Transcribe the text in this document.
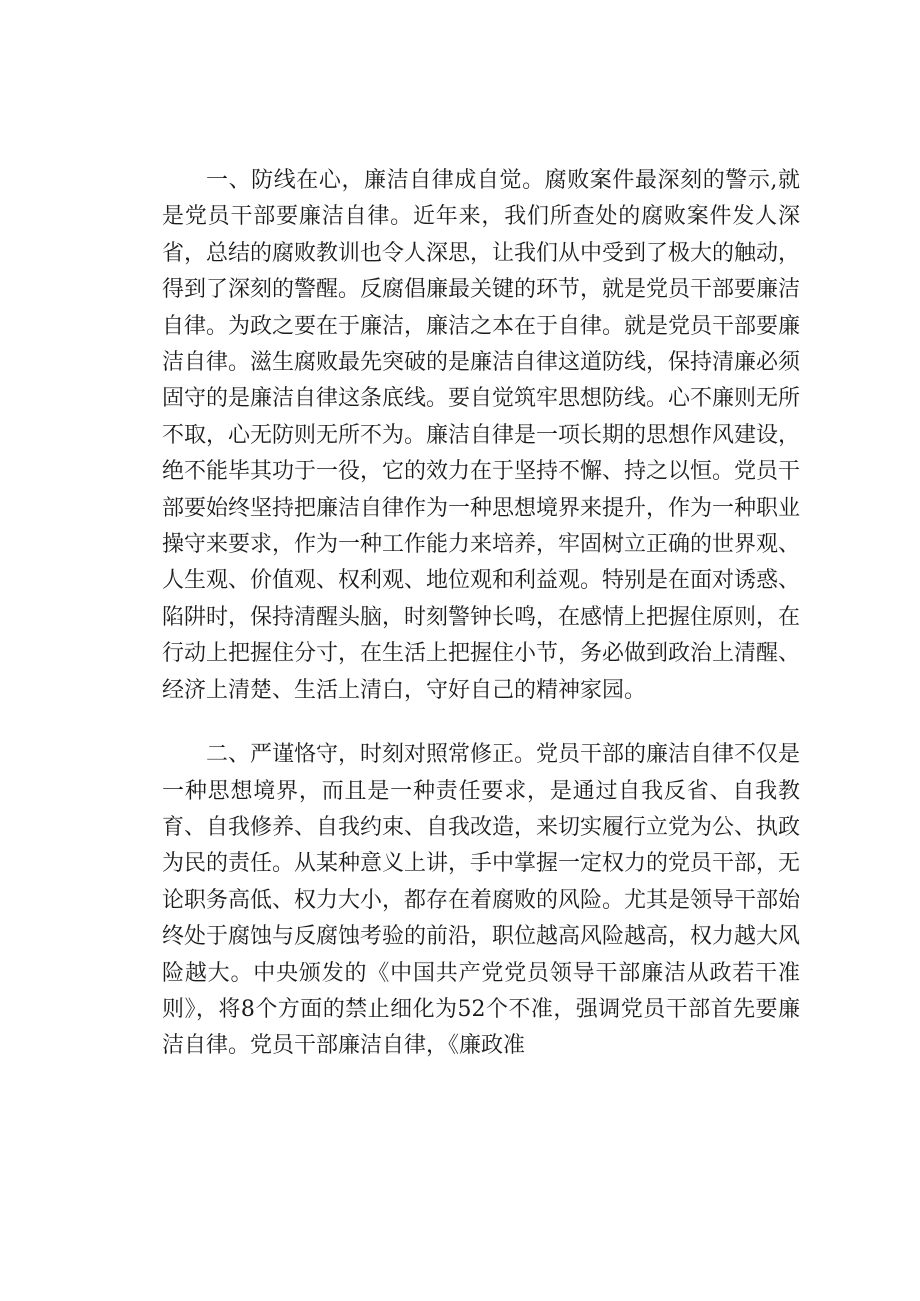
一、防线在心，廉洁自律成自觉。腐败案件最深刻的警示,就是党员干部要廉洁自律。近年来，我们所查处的腐败案件发人深省，总结的腐败教训也令人深思，让我们从中受到了极大的触动，得到了深刻的警醒。反腐倡廉最关键的环节，就是党员干部要廉洁自律。为政之要在于廉洁，廉洁之本在于自律。就是党员干部要廉洁自律。滋生腐败最先突破的是廉洁自律这道防线，保持清廉必须固守的是廉洁自律这条底线。要自觉筑牢思想防线。心不廉则无所不取，心无防则无所不为。廉洁自律是一项长期的思想作风建设，绝不能毕其功于一役，它的效力在于坚持不懈、持之以恒。党员干部要始终坚持把廉洁自律作为一种思想境界来提升，作为一种职业操守来要求，作为一种工作能力来培养，牢固树立正确的世界观、人生观、价值观、权利观、地位观和利益观。特别是在面对诱惑、陷阱时，保持清醒头脑，时刻警钟长鸣，在感情上把握住原则，在行动上把握住分寸，在生活上把握住小节，务必做到政治上清醒、经济上清楚、生活上清白，守好自己的精神家园。

二、严谨恪守，时刻对照常修正。党员干部的廉洁自律不仅是一种思想境界，而且是一种责任要求，是通过自我反省、自我教育、自我修养、自我约束、自我改造，来切实履行立党为公、执政为民的责任。从某种意义上讲，手中掌握一定权力的党员干部，无论职务高低、权力大小，都存在着腐败的风险。尤其是领导干部始终处于腐蚀与反腐蚀考验的前沿，职位越高风险越高，权力越大风险越大。中央颁发的《中国共产党党员领导干部廉洁从政若干准则》，将8个方面的禁止细化为52个不准，强调党员干部首先要廉洁自律。党员干部廉洁自律，《廉政准
